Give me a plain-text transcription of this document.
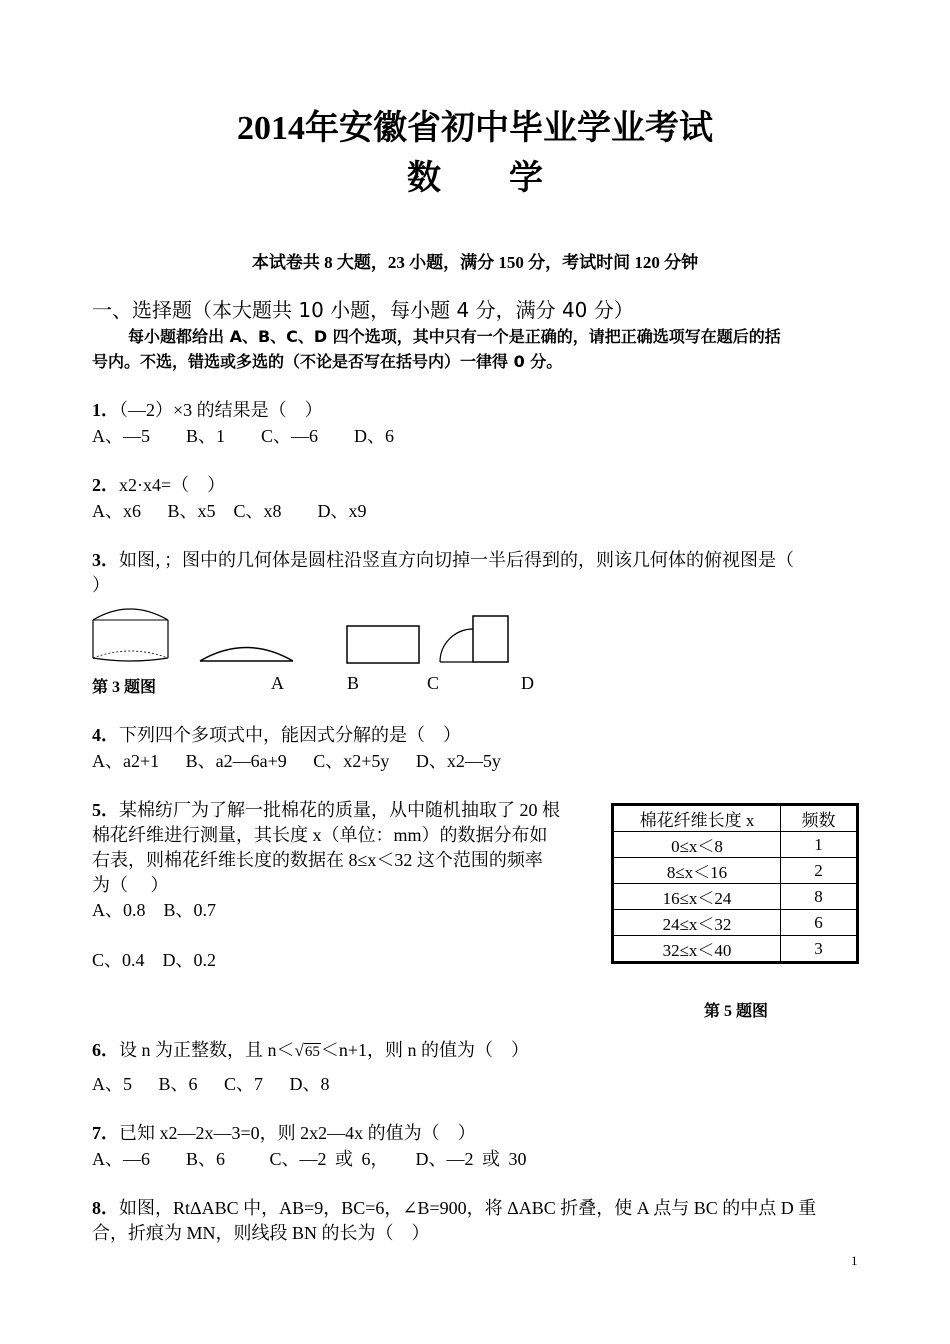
2014年安徽省初中毕业学业考试
数　　学
本试卷共 8 大题，23 小题，满分 150 分，考试时间 120 分钟
一、选择题（本大题共 10 小题，每小题 4 分，满分 40 分）
每小题都给出 A、B、C、D 四个选项，其中只有一个是正确的，请把正确选项写在题后的括
号内。不选，错选或多选的（不论是否写在括号内）一律得 0 分。
1．（—2）×3 的结果是（　）
A、—5　　B、1　　C、—6　　D、6
2．x2·x4=（　）
A、x6　 B、x5　C、x8　　D、x9
3．如图，；图中的几何体是圆柱沿竖直方向切掉一半后得到的，则该几何体的俯视图是（
）
第 3 题图	A	B	C	D
4．下列四个多项式中，能因式分解的是（　）
A、a2+1　 B、a2—6a+9　 C、x2+5y　 D、x2—5y
5．某棉纺厂为了解一批棉花的质量，从中随机抽取了 20 根
棉花纤维进行测量，其长度 x（单位：mm）的数据分布如
右表，则棉花纤维长度的数据在 8≤x＜32 这个范围的频率
为（　 ）
A、0.8　B、0.7
C、0.4　D、0.2
棉花纤维长度 x	频数
0≤x＜8	1
8≤x＜16	2
16≤x＜24	8
24≤x＜32	6
32≤x＜40	3
第 5 题图
6．设 n 为正整数，且 n＜√65＜n+1，则 n 的值为（　）
A、5　 B、6　 C、7　 D、8
7．已知 x2—2x—3=0，则 2x2—4x 的值为（　）
A、—6　　B、6　　 C、—2 或 6，　　D、—2 或 30
8．如图，RtΔABC 中，AB=9，BC=6，∠B=900，将 ΔABC 折叠，使 A 点与 BC 的中点 D 重
合，折痕为 MN，则线段 BN 的长为（　）
1
